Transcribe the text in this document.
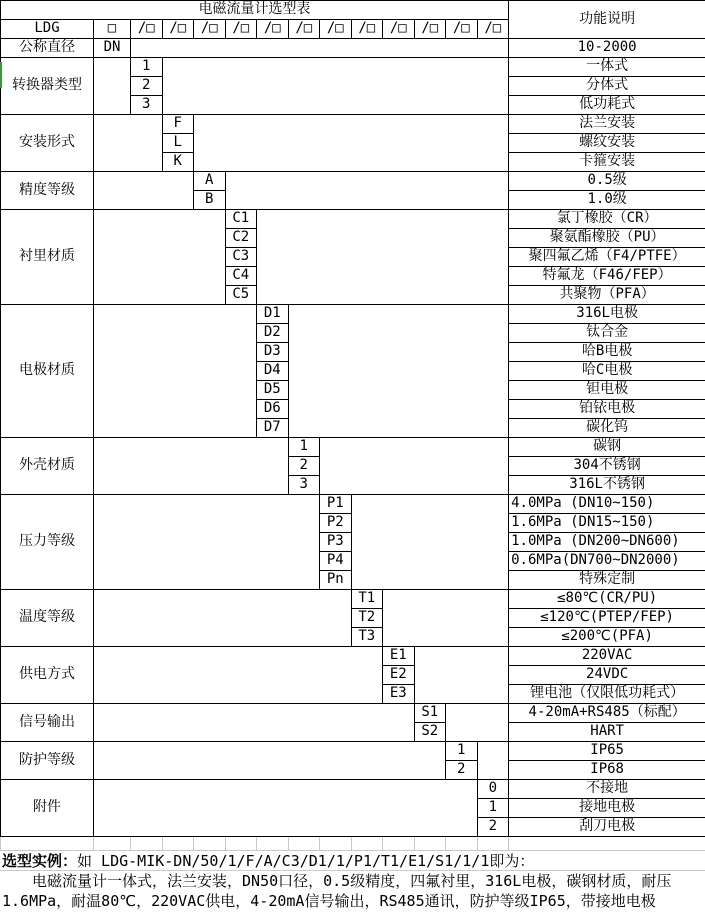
电磁流量计选型表														功能说明
LDG	□	/□	/□	/□	/□	/□	/□	/□	/□	/□	/□	/□	/□	
公称直径	DN													10-2000
转换器类型		1												一体式
		2												分体式
		3												低功耗式
安装形式			F											法兰安装
			L											螺纹安装
			K											卡箍安装
精度等级				A										0.5级
				B										1.0级
衬里材质					C1									氯丁橡胶（CR）
					C2									聚氨酯橡胶（PU）
					C3									聚四氟乙烯（F4/PTFE）
					C4									特氟龙（F46/FEP）
					C5									共聚物（PFA）
电极材质						D1								316L电极
						D2								钛合金
						D3								哈B电极
						D4								哈C电极
						D5								钽电极
						D6								铂铱电极
						D7								碳化钨
外壳材质							1							碳钢
							2							304不锈钢
							3							316L不锈钢
压力等级								P1						4.0MPa (DN10~150)
								P2						1.6MPa (DN15~150)
								P3						1.0MPa (DN200~DN600)
								P4						0.6MPa(DN700~DN2000)
								Pn						特殊定制
温度等级									T1					≤80℃(CR/PU)
									T2					≤120℃(PTEP/FEP)
									T3					≤200℃(PFA)
供电方式										E1				220VAC
										E2				24VDC
										E3				锂电池（仅限低功耗式）
信号输出											S1			4-20mA+RS485（标配）
											S2			HART
防护等级												1		IP65
												2		IP68
附件													0	不接地
													1	接地电极
													2	刮刀电极

选型实例：如 LDG-MIK-DN/50/1/F/A/C3/D1/1/P1/T1/E1/S1/1/1即为：
电磁流量计一体式，法兰安装，DN50口径，0.5级精度，四氟衬里，316L电极，碳钢材质，耐压1.6MPa，耐温80℃，220VAC供电，4-20mA信号输出，RS485通讯，防护等级IP65，带接地电极
